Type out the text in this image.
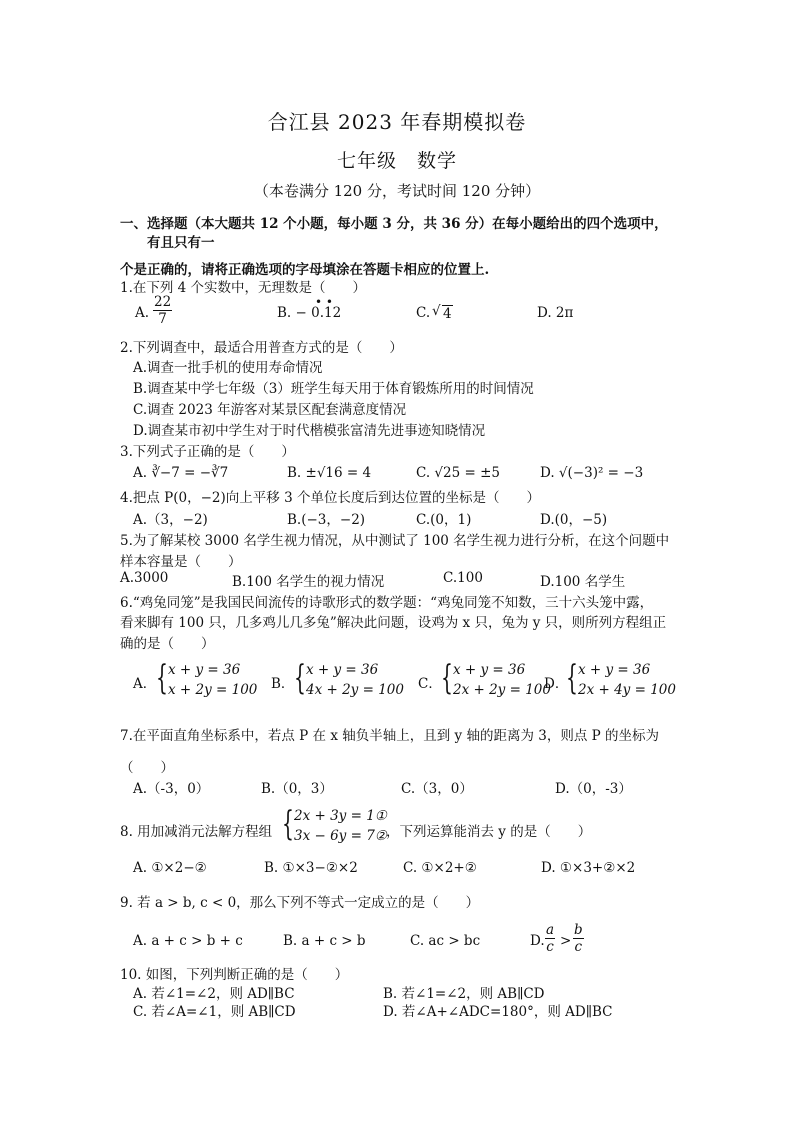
合江县 2023 年春期模拟卷
七年级　数学
（本卷满分 120 分，考试时间 120 分钟）
一、选择题（本大题共 12 个小题，每小题 3 分，共 36 分）在每小题给出的四个选项中，
有且只有一
个是正确的，请将正确选项的字母填涂在答题卡相应的位置上.
1.在下列 4 个实数中，无理数是（　　）
A. $\frac{22}{7}$	B. − 0.12
• •
C. √ 4	D. 2π
2.下列调查中，最适合用普查方式的是（　　）
A.调查一批手机的使用寿命情况
B.调查某中学七年级（3）班学生每天用于体育锻炼所用的时间情况
C.调查 2023 年游客对某景区配套满意度情况
D.调查某市初中学生对于时代楷模张富清先进事迹知晓情况
3.下列式子正确的是（　　）
A. ∛−7 = −∛7	B. ±√16 = 4	C. √25 = ±5	D. √(−3)² = −3
4.把点 P(0，−2)向上平移 3 个单位长度后到达位置的坐标是（　　）
A.（3，−2)	B.(−3，−2)	C.(0，1)	D.(0，−5)
5.为了解某校 3000 名学生视力情况，从中测试了 100 名学生视力进行分析，在这个问题中
样本容量是（　　）
A.3000	B.100 名学生的视力情况	C.100	D.100 名学生
6.“鸡兔同笼”是我国民间流传的诗歌形式的数学题：“鸡兔同笼不知数，三十六头笼中露，
看来脚有 100 只，几多鸡儿几多兔”解决此问题，设鸡为 x 只，兔为 y 只，则所列方程组正
确的是（　　）
A． { x + y = 36
x + 2y = 100 B． { x + y = 36
4x + 2y = 100 C． { x + y = 36
2x + 2y = 100
D．
{ x + y = 36
2x + 4y = 100
7.在平面直角坐标系中，若点 P 在 x 轴负半轴上，且到 y 轴的距离为 3，则点 P 的坐标为
（　　）
A.（-3，0）	B.（0，3）	C.（3，0）	D.（0，-3）
8. 用加减消元法解方程组 { 2x + 3y = 1①
3x − 6y = 7② ，下列运算能消去 y 的是（　　）
A. ①×2−②	B. ①×3−②×2	C. ①×2+②	D. ①×3+②×2
9. 若 a > b, c < 0，那么下列不等式一定成立的是（　　）
A. a + c > b + c	B. a + c > b	C. ac > bc	D. $\frac{a}{c} > \frac{b}{c}$
10. 如图，下列判断正确的是（　　）
A. 若∠1=∠2，则 AD∥BC	B. 若∠1=∠2，则 AB∥CD
C. 若∠A=∠1，则 AB∥CD	D. 若∠A+∠ADC=180°，则 AD∥BC
